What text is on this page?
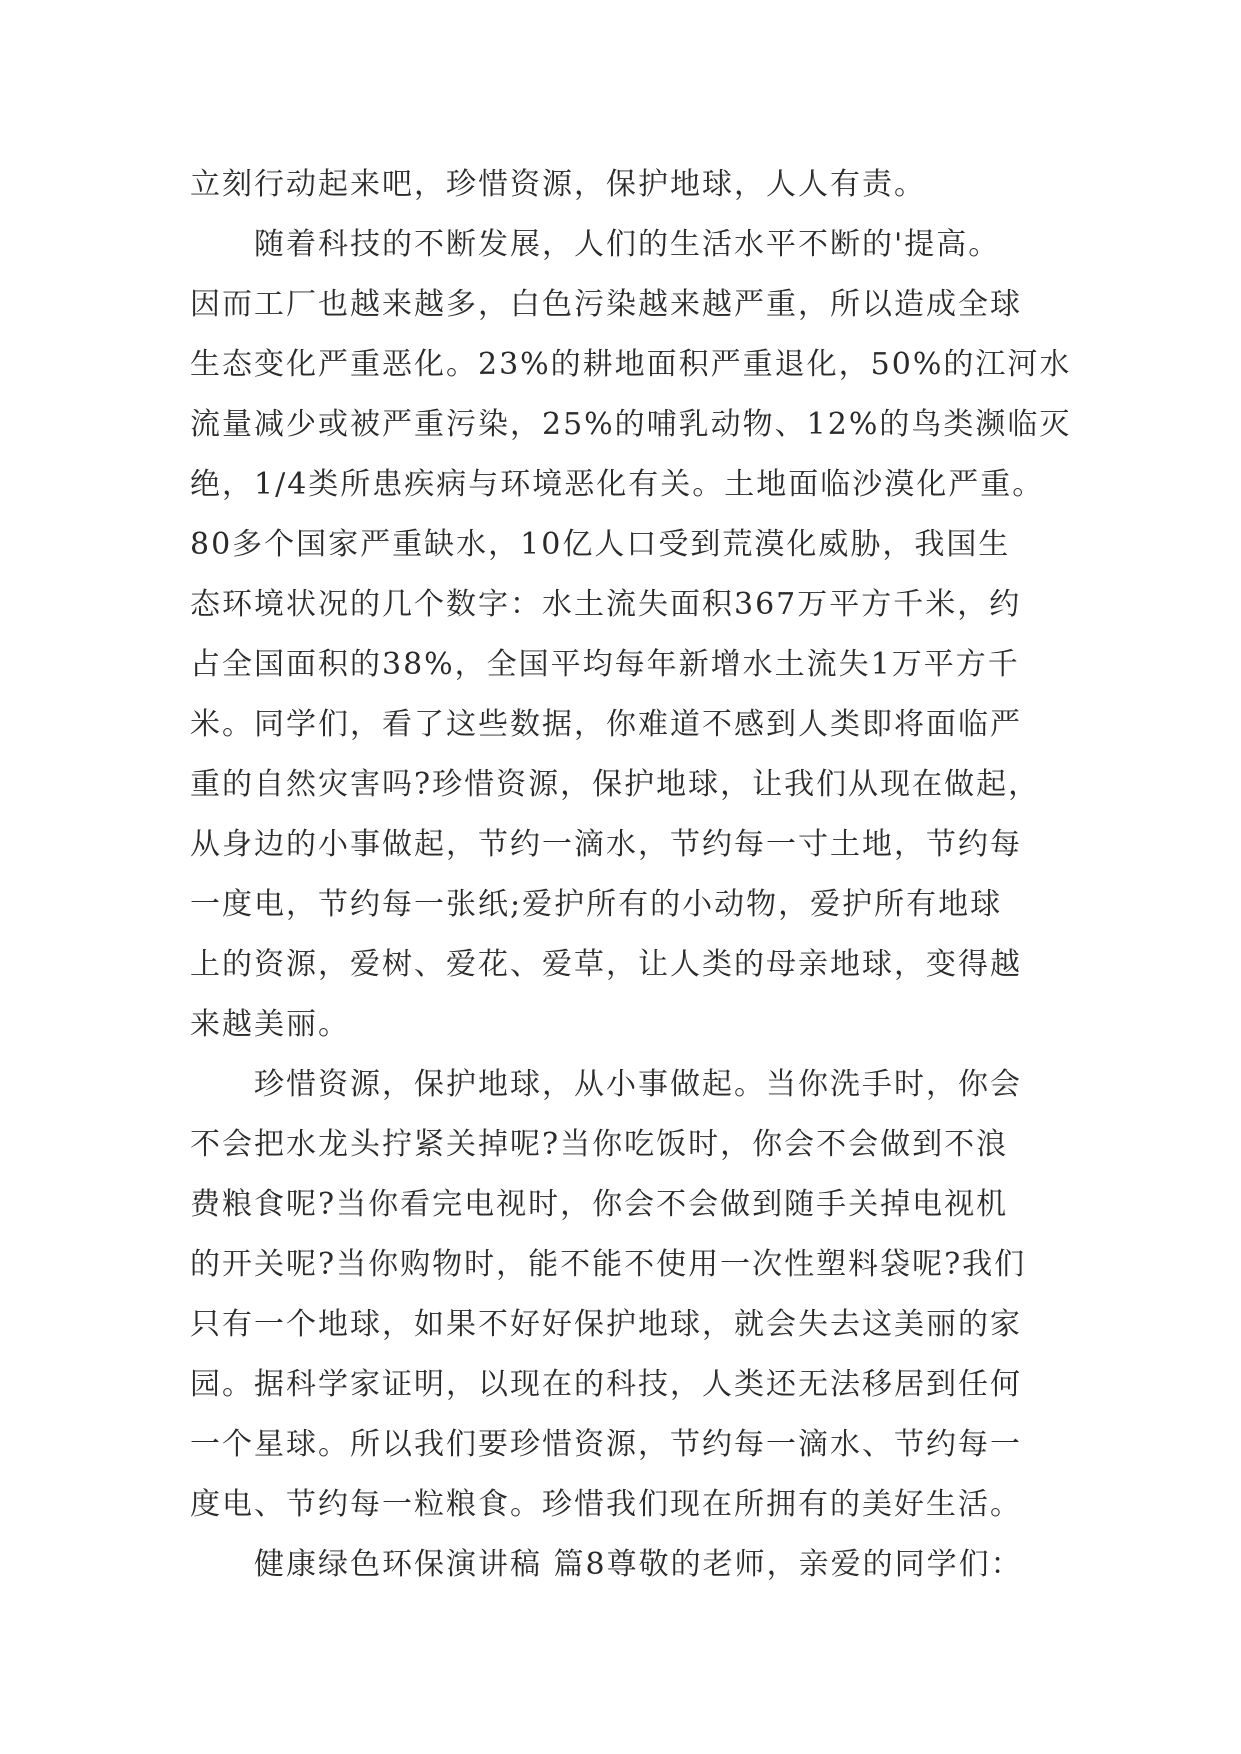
立刻行动起来吧，珍惜资源，保护地球，人人有责。
随着科技的不断发展，人们的生活水平不断的'提高。
因而工厂也越来越多，白色污染越来越严重，所以造成全球
生态变化严重恶化。23%的耕地面积严重退化，50%的江河水
流量减少或被严重污染，25%的哺乳动物、12%的鸟类濒临灭
绝，1/4类所患疾病与环境恶化有关。土地面临沙漠化严重。
80多个国家严重缺水，10亿人口受到荒漠化威胁，我国生
态环境状况的几个数字：水土流失面积367万平方千米，约
占全国面积的38%，全国平均每年新增水土流失1万平方千
米。同学们，看了这些数据，你难道不感到人类即将面临严
重的自然灾害吗?珍惜资源，保护地球，让我们从现在做起，
从身边的小事做起，节约一滴水，节约每一寸土地，节约每
一度电，节约每一张纸;爱护所有的小动物，爱护所有地球
上的资源，爱树、爱花、爱草，让人类的母亲地球，变得越
来越美丽。
珍惜资源，保护地球，从小事做起。当你洗手时，你会
不会把水龙头拧紧关掉呢?当你吃饭时，你会不会做到不浪
费粮食呢?当你看完电视时，你会不会做到随手关掉电视机
的开关呢?当你购物时，能不能不使用一次性塑料袋呢?我们
只有一个地球，如果不好好保护地球，就会失去这美丽的家
园。据科学家证明，以现在的科技，人类还无法移居到任何
一个星球。所以我们要珍惜资源，节约每一滴水、节约每一
度电、节约每一粒粮食。珍惜我们现在所拥有的美好生活。
健康绿色环保演讲稿 篇8尊敬的老师，亲爱的同学们：
